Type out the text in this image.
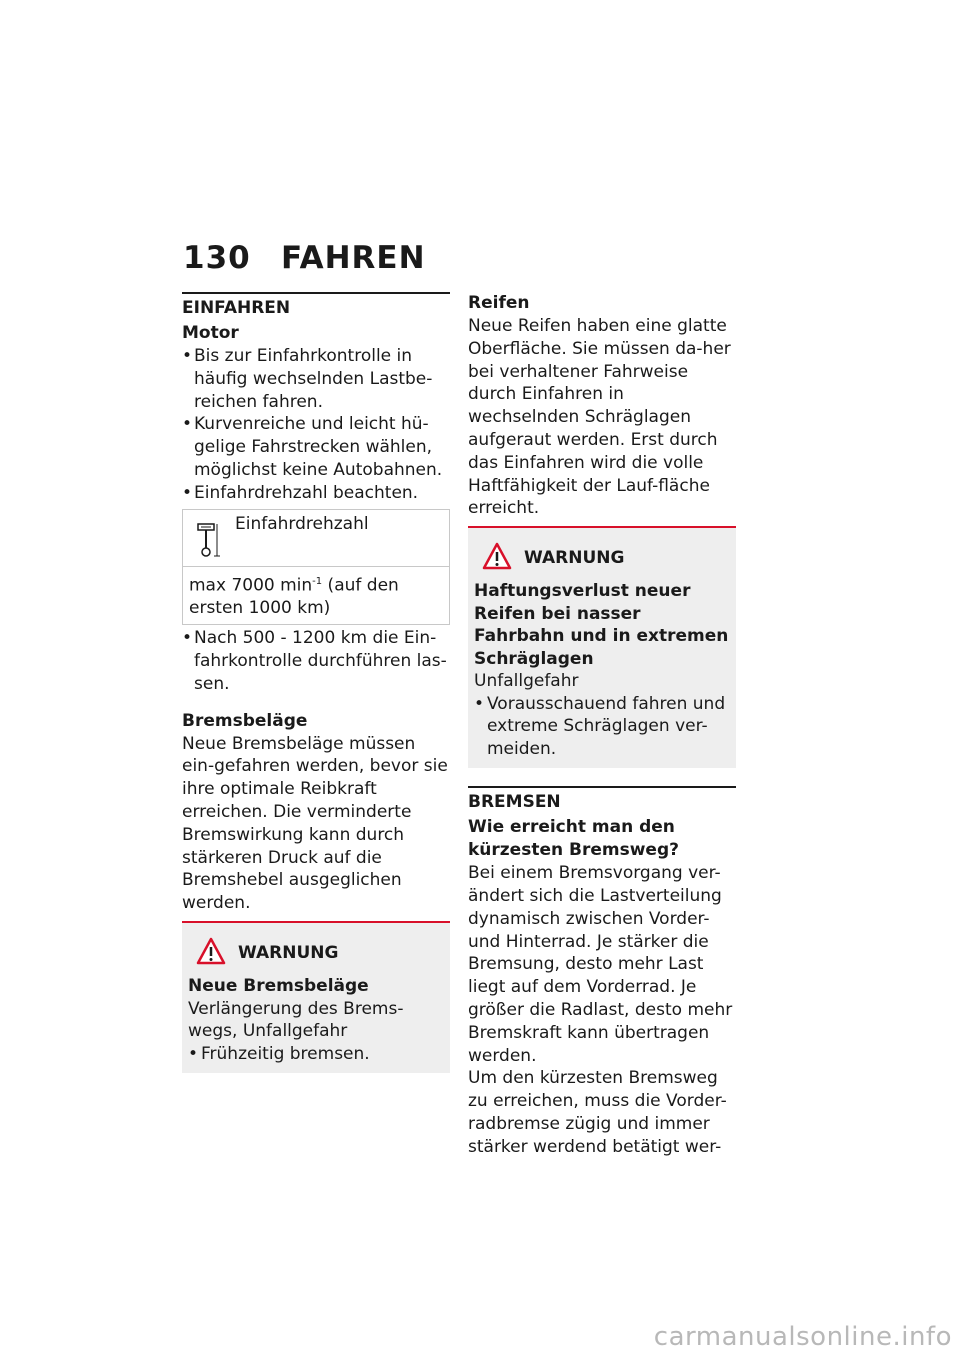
130 FAHREN
EINFAHREN
Motor
• Bis zur Einfahrkontrolle in häufig wechselnden Lastbe-reichen fahren.
• Kurvenreiche und leicht hü-gelige Fahrstrecken wählen, möglichst keine Autobahnen.
• Einfahrdrehzahl beachten.
Einfahrdrehzahl
max 7000 $\min^{-1} (auf$ den ersten 1000 km)
• Nach 500 - 1200 km die Ein-fahrkontrolle durchführen las-sen.
Bremsbeläge
Neue Bremsbeläge müssen ein-gefahren werden, bevor sie ihre optimale Reibkraft erreichen. Die verminderte Bremswirkung kann durch stärkeren Druck auf die Bremshebel ausgeglichen werden.
WARNUNG
Neue Bremsbeläge
Verlängerung des Brems-wegs, Unfallgefahr
• Frühzeitig bremsen.
Reifen
Neue Reifen haben eine glatte Oberfläche. Sie müssen da-her bei verhaltener Fahrweise durch Einfahren in wechselnden Schräglagen aufgeraut werden. Erst durch das Einfahren wird die volle Haftfähigkeit der Lauf-fläche erreicht.
WARNUNG
Haftungsverlust neuer Reifen bei nasser Fahrbahn und in extremen Schräglagen
Unfallgefahr
• Vorausschauend fahren und extreme Schräglagen ver-meiden.
BREMSEN
Wie erreicht man den kürzesten Bremsweg?
Bei einem Bremsvorgang ver-ändert sich die Lastverteilung dynamisch zwischen Vorder- und Hinterrad. Je stärker die Bremsung, desto mehr Last liegt auf dem Vorderrad. Je größer die Radlast, desto mehr Bremskraft kann übertragen werden.
Um den kürzesten Bremsweg zu erreichen, muss die Vorder-radbremse zügig und immer stärker werdend betätigt wer-
carmanualsonline.info
